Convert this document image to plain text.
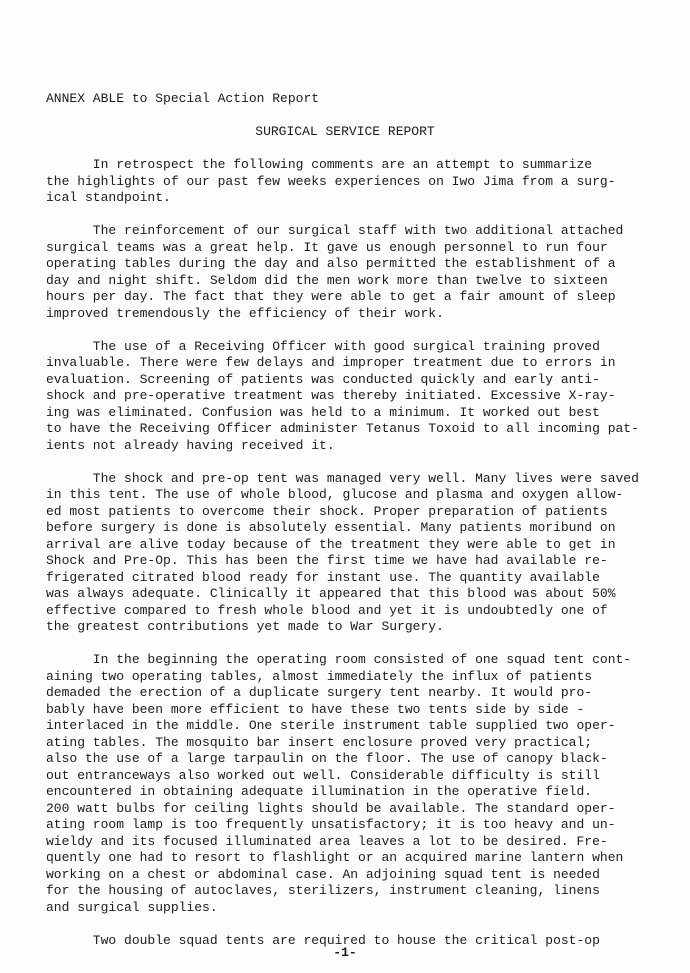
ANNEX ABLE to Special Action Report
SURGICAL SERVICE REPORT

In retrospect the following comments are an attempt to summarize
the highlights of our past few weeks experiences on Iwo Jima from a surg-
ical standpoint.

The reinforcement of our surgical staff with two additional attached
surgical teams was a great help. It gave us enough personnel to run four
operating tables during the day and also permitted the establishment of a
day and night shift. Seldom did the men work more than twelve to sixteen
hours per day. The fact that they were able to get a fair amount of sleep
improved tremendously the efficiency of their work.

The use of a Receiving Officer with good surgical training proved
invaluable. There were few delays and improper treatment due to errors in
evaluation. Screening of patients was conducted quickly and early anti-
shock and pre-operative treatment was thereby initiated. Excessive X-ray-
ing was eliminated. Confusion was held to a minimum. It worked out best
to have the Receiving Officer administer Tetanus Toxoid to all incoming pat-
ients not already having received it.

The shock and pre-op tent was managed very well. Many lives were saved
in this tent. The use of whole blood, glucose and plasma and oxygen allow-
ed most patients to overcome their shock. Proper preparation of patients
before surgery is done is absolutely essential. Many patients moribund on
arrival are alive today because of the treatment they were able to get in
Shock and Pre-Op. This has been the first time we have had available re-
frigerated citrated blood ready for instant use. The quantity available
was always adequate. Clinically it appeared that this blood was about 50%
effective compared to fresh whole blood and yet it is undoubtedly one of
the greatest contributions yet made to War Surgery.

In the beginning the operating room consisted of one squad tent cont-
aining two operating tables, almost immediately the influx of patients
demaded the erection of a duplicate surgery tent nearby. It would pro-
bably have been more efficient to have these two tents side by side -
interlaced in the middle. One sterile instrument table supplied two oper-
ating tables. The mosquito bar insert enclosure proved very practical;
also the use of a large tarpaulin on the floor. The use of canopy black-
out entranceways also worked out well. Considerable difficulty is still
encountered in obtaining adequate illumination in the operative field.
200 watt bulbs for ceiling lights should be available. The standard oper-
ating room lamp is too frequently unsatisfactory; it is too heavy and un-
wieldy and its focused illuminated area leaves a lot to be desired. Fre-
quently one had to resort to flashlight or an acquired marine lantern when
working on a chest or abdominal case. An adjoining squad tent is needed
for the housing of autoclaves, sterilizers, instrument cleaning, linens
and surgical supplies.

Two double squad tents are required to house the critical post-op

-1-
